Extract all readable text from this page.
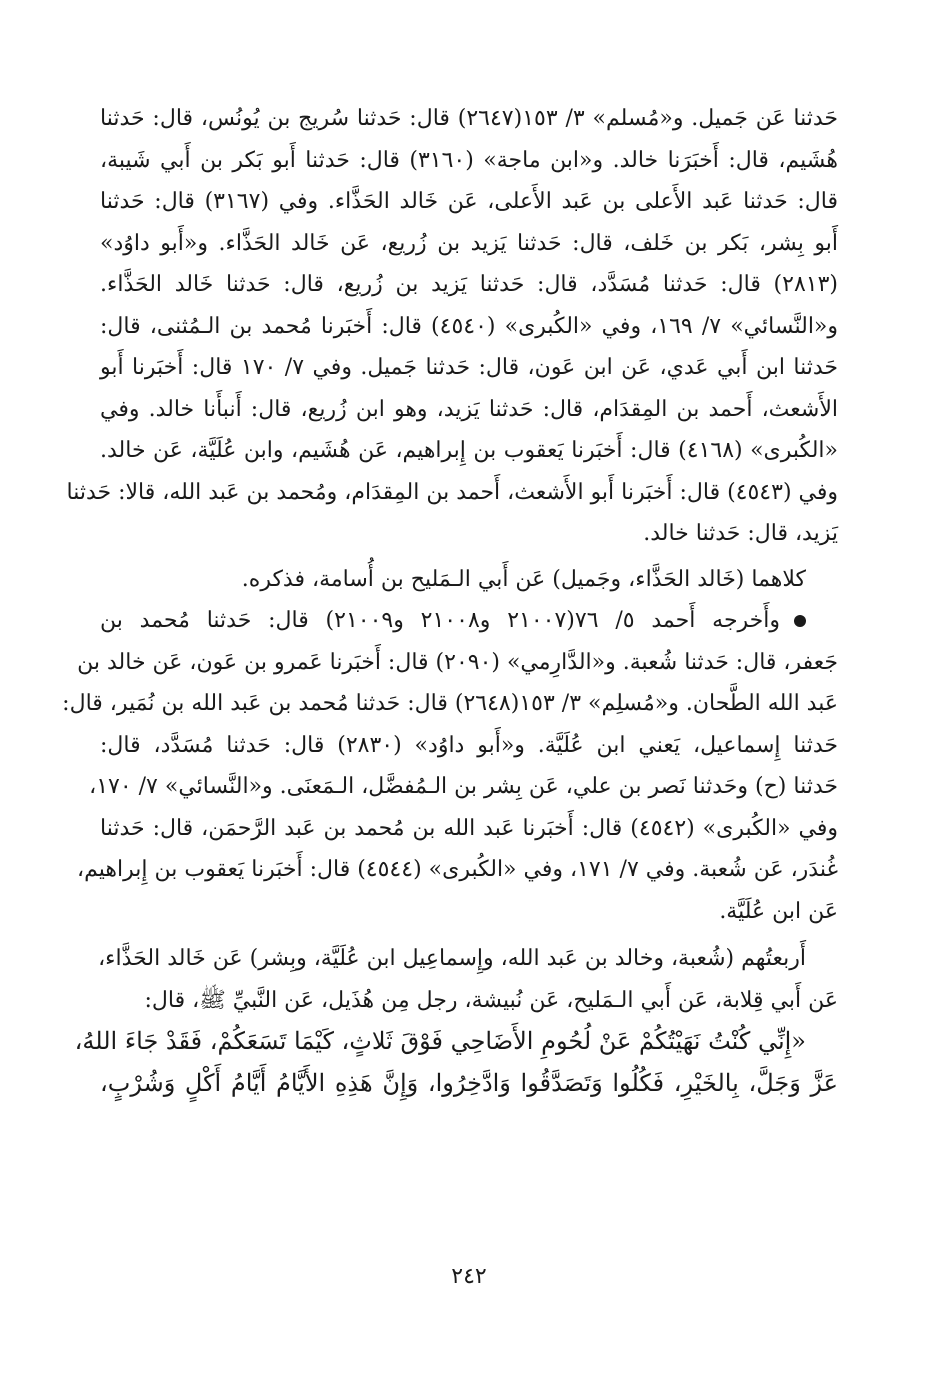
حَدثنا عَن جَميل. و«مُسلم» ٣/ ١٥٣(٢٦٤٧) قال: حَدثنا سُريج بن يُونُس، قال: حَدثنا
هُشَيم، قال: أَخبَرَنا خالد. و«ابن ماجة» (٣١٦٠) قال: حَدثنا أَبو بَكر بن أَبي شَيبة،
قال: حَدثنا عَبد الأَعلى بن عَبد الأَعلى، عَن خَالد الحَذَّاء. وفي (٣١٦٧) قال: حَدثنا
أَبو بِشر، بَكر بن خَلف، قال: حَدثنا يَزيد بن زُريع، عَن خَالد الحَذَّاء. و«أَبو داوُد»
(٢٨١٣) قال: حَدثنا مُسَدَّد، قال: حَدثنا يَزيد بن زُريع، قال: حَدثنا خَالد الحَذَّاء.
و«النَّسائي» ٧/ ١٦٩، وفي «الكُبرى» (٤٥٤٠) قال: أَخبَرنا مُحمد بن الـمُثنى، قال:
حَدثنا ابن أَبي عَدي، عَن ابن عَون، قال: حَدثنا جَميل. وفي ٧/ ١٧٠ قال: أَخبَرنا أَبو
الأَشعث، أَحمد بن المِقدَام، قال: حَدثنا يَزيد، وهو ابن زُريع، قال: أَنبأَنا خالد. وفي
«الكُبرى» (٤١٦٨) قال: أَخبَرنا يَعقوب بن إِبراهيم، عَن هُشَيم، وابن عُلَيَّة، عَن خالد.
وفي (٤٥٤٣) قال: أَخبَرنا أَبو الأَشعث، أَحمد بن المِقدَام، ومُحمد بن عَبد الله، قالا: حَدثنا
يَزيد، قال: حَدثنا خالد.

كلاهما (خَالد الحَذَّاء، وجَميل) عَن أَبي الـمَليح بن أُسامة، فذكره.

وأَخرجه أَحمد ٥/ ٧٦(٢١٠٠٧ و٢١٠٠٨ و٢١٠٠٩) قال: حَدثنا مُحمد بن
جَعفر، قال: حَدثنا شُعبة. و«الدَّارِمي» (٢٠٩٠) قال: أَخبَرنا عَمرو بن عَون، عَن خالد بن
عَبد الله الطَّحان. و«مُسلِم» ٣/ ١٥٣(٢٦٤٨) قال: حَدثنا مُحمد بن عَبد الله بن نُمَير، قال:
حَدثنا إِسماعيل، يَعني ابن عُلَيَّة. و«أَبو داوُد» (٢٨٣٠) قال: حَدثنا مُسَدَّد، قال:
حَدثنا (ح) وحَدثنا نَصر بن علي، عَن بِشر بن الـمُفضَّل، الـمَعنَى. و«النَّسائي» ٧/ ١٧٠،
وفي «الكُبرى» (٤٥٤٢) قال: أَخبَرنا عَبد الله بن مُحمد بن عَبد الرَّحمَن، قال: حَدثنا
غُندَر، عَن شُعبة. وفي ٧/ ١٧١، وفي «الكُبرى» (٤٥٤٤) قال: أَخبَرنا يَعقوب بن إِبراهيم،
عَن ابن عُلَيَّة.

أَربعتُهم (شُعبة، وخالد بن عَبد الله، وإِسماعِيل ابن عُلَيَّة، وبِشر) عَن خَالد الحَذَّاء،
عَن أَبي قِلابة، عَن أَبي الـمَليح، عَن نُبيشة، رجل مِن هُذَيل، عَن النَّبيِّ ﷺ، قال:

«إِنِّي كُنْتُ نَهَيْتُكُمْ عَنْ لُحُومِ الأَضَاحِي فَوْقَ ثَلاثٍ، كَيْمَا تَسَعَكُمْ، فَقَدْ جَاءَ اللهُ،
عَزَّ وَجَلَّ، بِالخَيْرِ، فَكُلُوا وَتَصَدَّقُوا وَادَّخِرُوا، وَإِنَّ هَذِهِ الأَيَّامُ أَيَّامُ أَكْلٍ وَشُرْبٍ،

٢٤٢
